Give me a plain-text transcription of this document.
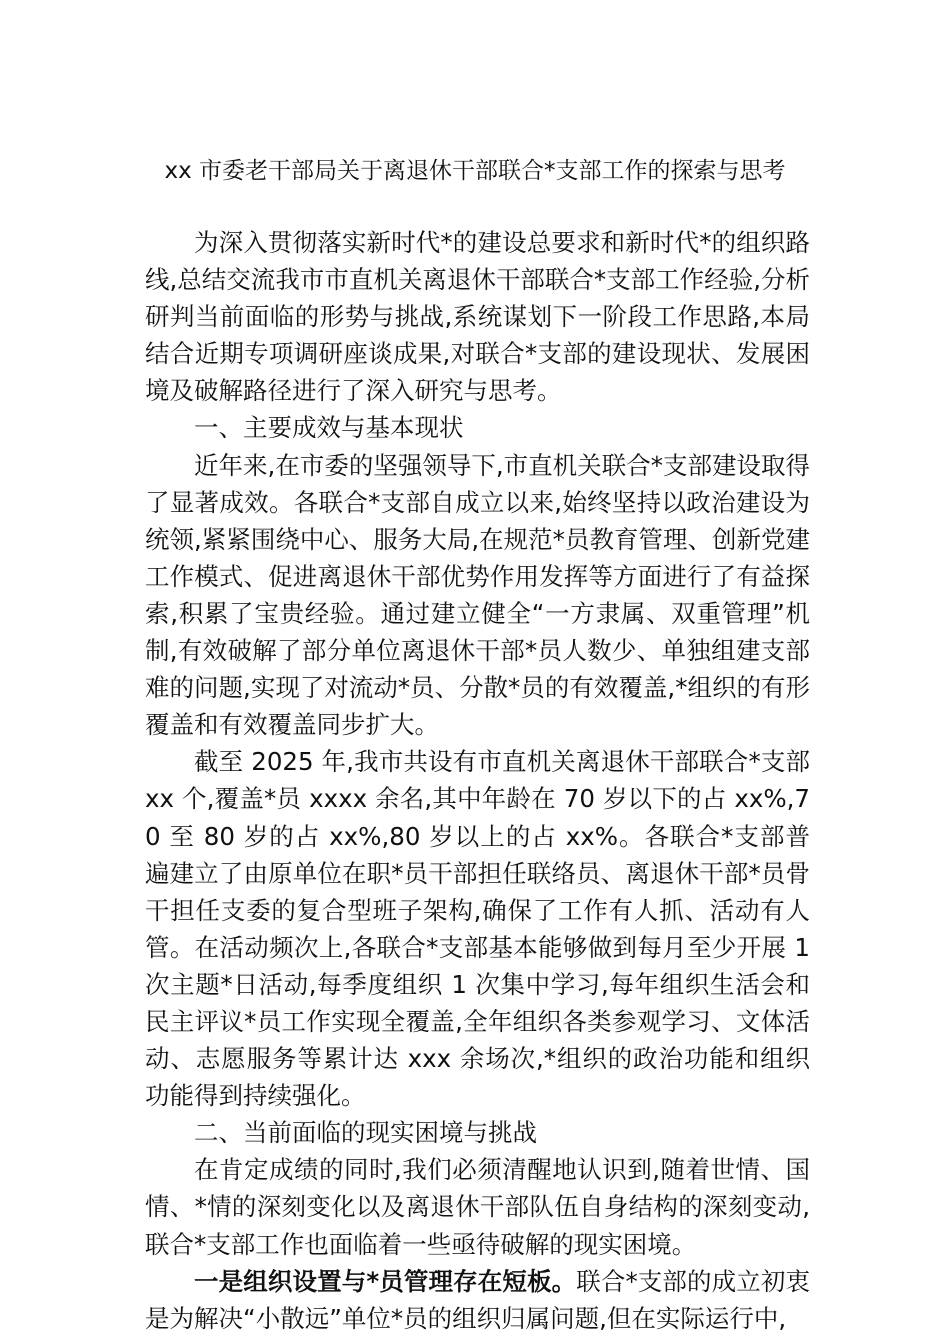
xx 市委老干部局关于离退休干部联合*支部工作的探索与思考

为深入贯彻落实新时代*的建设总要求和新时代*的组织路线,总结交流我市市直机关离退休干部联合*支部工作经验,分析研判当前面临的形势与挑战,系统谋划下一阶段工作思路,本局结合近期专项调研座谈成果,对联合*支部的建设现状、发展困境及破解路径进行了深入研究与思考。

一、主要成效与基本现状

近年来,在市委的坚强领导下,市直机关联合*支部建设取得了显著成效。各联合*支部自成立以来,始终坚持以政治建设为统领,紧紧围绕中心、服务大局,在规范*员教育管理、创新党建工作模式、促进离退休干部优势作用发挥等方面进行了有益探索,积累了宝贵经验。通过建立健全“一方隶属、双重管理”机制,有效破解了部分单位离退休干部*员人数少、单独组建支部难的问题,实现了对流动*员、分散*员的有效覆盖,*组织的有形覆盖和有效覆盖同步扩大。

截至 2025 年,我市共设有市直机关离退休干部联合*支部 xx 个,覆盖*员 xxxx 余名,其中年龄在 70 岁以下的占 xx%,70 至 80 岁的占 xx%,80 岁以上的占 xx%。各联合*支部普遍建立了由原单位在职*员干部担任联络员、离退休干部*员骨干担任支委的复合型班子架构,确保了工作有人抓、活动有人管。在活动频次上,各联合*支部基本能够做到每月至少开展 1 次主题*日活动,每季度组织 1 次集中学习,每年组织生活会和民主评议*员工作实现全覆盖,全年组织各类参观学习、文体活动、志愿服务等累计达 xxx 余场次,*组织的政治功能和组织功能得到持续强化。

二、当前面临的现实困境与挑战

在肯定成绩的同时,我们必须清醒地认识到,随着世情、国情、*情的深刻变化以及离退休干部队伍自身结构的深刻变动,联合*支部工作也面临着一些亟待破解的现实困境。

一是组织设置与*员管理存在短板。联合*支部的成立初衷是为解决“小散远”单位*员的组织归属问题,但在实际运行中,
